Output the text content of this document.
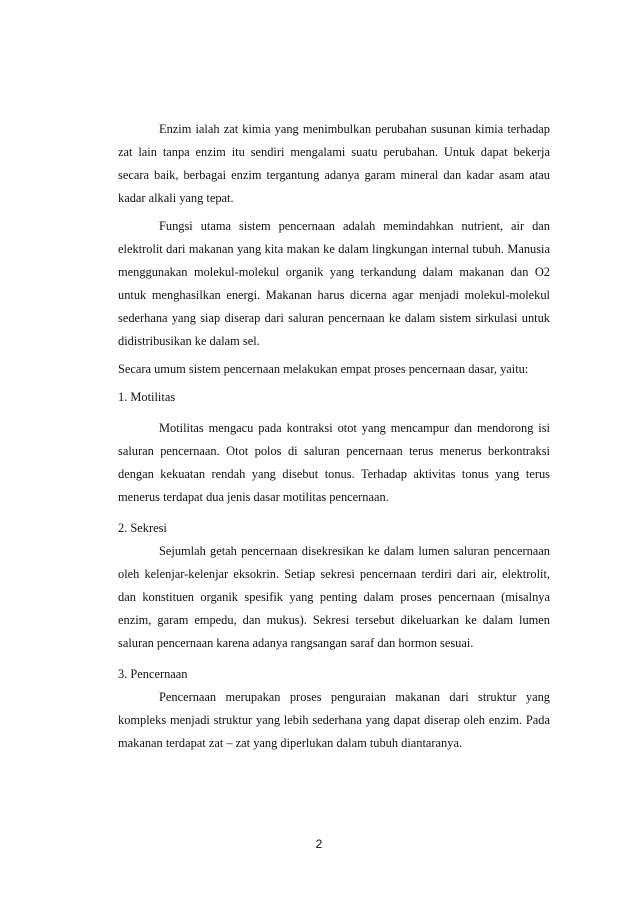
Enzim ialah zat kimia yang menimbulkan perubahan susunan kimia terhadap zat lain tanpa enzim itu sendiri mengalami suatu perubahan. Untuk dapat bekerja secara baik, berbagai enzim tergantung adanya garam mineral dan kadar asam atau kadar alkali yang tepat.

Fungsi utama sistem pencernaan adalah memindahkan nutrient, air dan elektrolit dari makanan yang kita makan ke dalam lingkungan internal tubuh. Manusia menggunakan molekul-molekul organik yang terkandung dalam makanan dan O2 untuk menghasilkan energi. Makanan harus dicerna agar menjadi molekul-molekul sederhana yang siap diserap dari saluran pencernaan ke dalam sistem sirkulasi untuk didistribusikan ke dalam sel.

Secara umum sistem pencernaan melakukan empat proses pencernaan dasar, yaitu:

1. Motilitas

Motilitas mengacu pada kontraksi otot yang mencampur dan mendorong isi saluran pencernaan. Otot polos di saluran pencernaan terus menerus berkontraksi dengan kekuatan rendah yang disebut tonus. Terhadap aktivitas tonus yang terus menerus terdapat dua jenis dasar motilitas pencernaan.

2. Sekresi

Sejumlah getah pencernaan disekresikan ke dalam lumen saluran pencernaan oleh kelenjar-kelenjar eksokrin. Setiap sekresi pencernaan terdiri dari air, elektrolit, dan konstituen organik spesifik yang penting dalam proses pencernaan (misalnya enzim, garam empedu, dan mukus). Sekresi tersebut dikeluarkan ke dalam lumen saluran pencernaan karena adanya rangsangan saraf dan hormon sesuai.

3. Pencernaan

Pencernaan merupakan proses penguraian makanan dari struktur yang kompleks menjadi struktur yang lebih sederhana yang dapat diserap oleh enzim. Pada makanan terdapat zat – zat yang diperlukan dalam tubuh diantaranya.

2
